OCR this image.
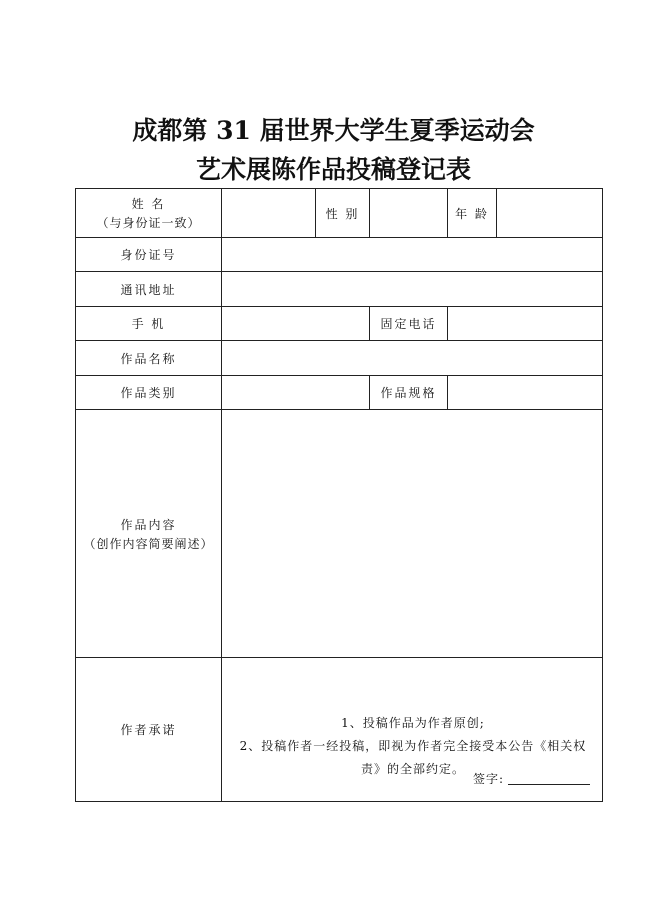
成都第 31 届世界大学生夏季运动会
艺术展陈作品投稿登记表
姓 名
（与身份证一致）		性 别		年 龄	
身份证号					
通讯地址					
手 机			固定电话		
作品名称					
作品类别			作品规格		
作品内容
（创作内容简要阐述）					

作者承诺	1、投稿作品为作者原创;
2、投稿作者一经投稿，即视为作者完全接受本公告《相关权
责》的全部约定。
签字:				
